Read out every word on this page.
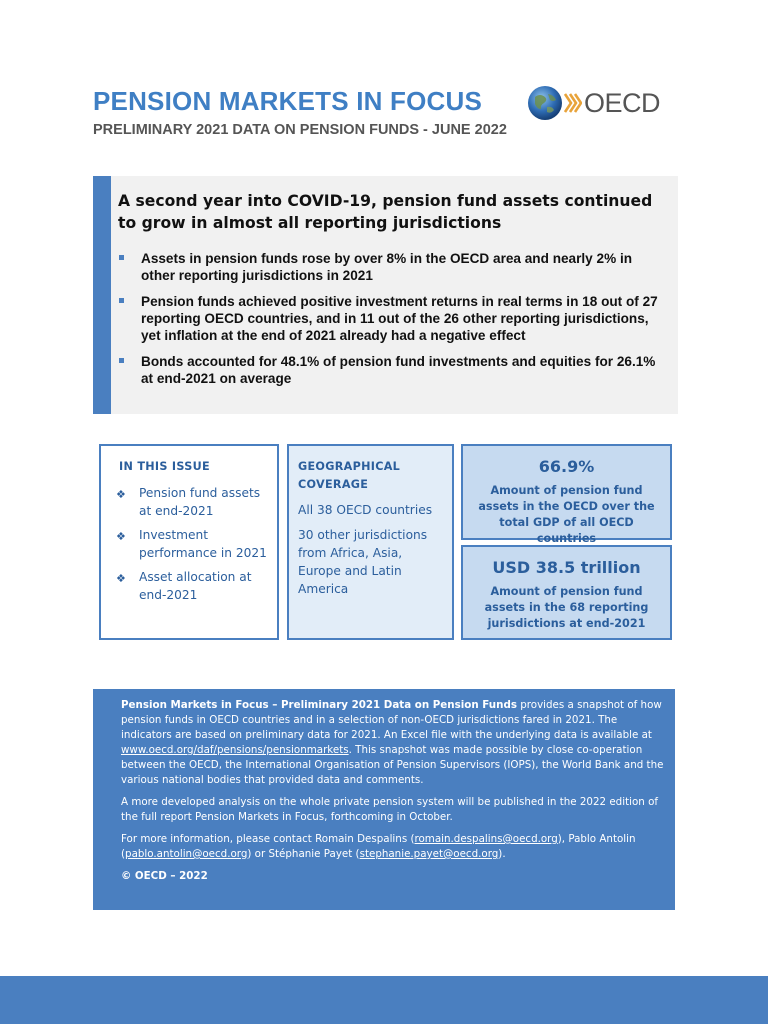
PENSION MARKETS IN FOCUS
PRELIMINARY 2021 DATA ON PENSION FUNDS - JUNE 2022
OECD
A second year into COVID-19, pension fund assets continued to grow in almost all reporting jurisdictions
Assets in pension funds rose by over 8% in the OECD area and nearly 2% in other reporting jurisdictions in 2021
Pension funds achieved positive investment returns in real terms in 18 out of 27 reporting OECD countries, and in 11 out of the 26 other reporting jurisdictions, yet inflation at the end of 2021 already had a negative effect
Bonds accounted for 48.1% of pension fund investments and equities for 26.1% at end-2021 on average
IN THIS ISSUE
❖ Pension fund assets at end-2021
❖ Investment performance in 2021
❖ Asset allocation at end-2021
GEOGRAPHICAL COVERAGE
All 38 OECD countries
30 other jurisdictions from Africa, Asia, Europe and Latin America
66.9%
Amount of pension fund assets in the OECD over the total GDP of all OECD countries
USD 38.5 trillion
Amount of pension fund assets in the 68 reporting jurisdictions at end-2021

Pension Markets in Focus – Preliminary 2021 Data on Pension Funds provides a snapshot of how pension funds in OECD countries and in a selection of non-OECD jurisdictions fared in 2021. The indicators are based on preliminary data for 2021. An Excel file with the underlying data is available at www.oecd.org/daf/pensions/pensionmarkets. This snapshot was made possible by close co-operation between the OECD, the International Organisation of Pension Supervisors (IOPS), the World Bank and the various national bodies that provided data and comments.

A more developed analysis on the whole private pension system will be published in the 2022 edition of the full report Pension Markets in Focus, forthcoming in October.

For more information, please contact Romain Despalins (romain.despalins@oecd.org), Pablo Antolin (pablo.antolin@oecd.org) or Stéphanie Payet (stephanie.payet@oecd.org).

© OECD – 2022
